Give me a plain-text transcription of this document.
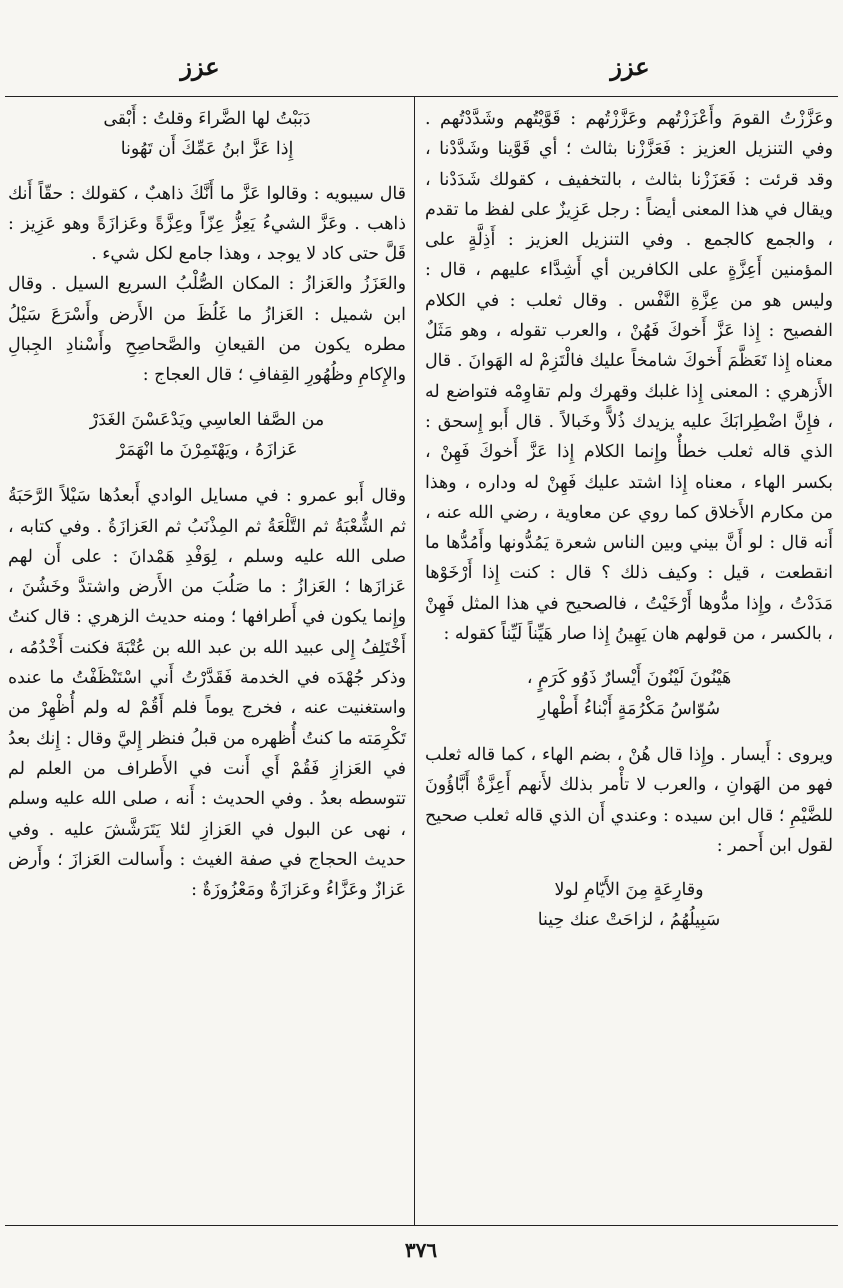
عزز	عزز

وعَزَّزْتُ القومَ وأَعْزَزْتُهم وعَزَّزْتُهم : قَوَّيْتُهم وشَدَّدْتُهم . وفي التنزيل العزيز : فَعَزَّزْنا بثالث ؛ أي قَوَّينا وشَدَّدْنا ، وقد قرئت : فَعَزَزْنا بثالث ، بالتخفيف ، كقولك شَدَدْنا ، ويقال في هذا المعنى أيضاً : رجل عَزِيزٌ على لفظ ما تقدم ، والجمع كالجمع . وفي التنزيل العزيز : أَذِلَّةٍ على المؤمنين أَعِزَّةٍ على الكافرين أي أَشِدَّاء عليهم ، قال : وليس هو من عِزَّةِ النَّفْس . وقال ثعلب : في الكلام الفصيح : إِذا عَزَّ أَخوكَ فَهُنْ ، والعرب تقوله ، وهو مَثَلٌ معناه إِذا تَعَظَّمَ أَخوكَ شامخاً عليك فالْتَزِمْ له الهَوانَ . قال الأَزهري : المعنى إِذا غلبك وقهرك ولم تقاوِمْه فتواضع له ، فإِنَّ اضْطِرابَكَ عليه يزيدك ذُلاًّ وخَبالاً . قال أَبو إِسحق : الذي قاله ثعلب خطأٌ وإِنما الكلام إِذا عَزَّ أَخوكَ فَهِنْ ، بكسر الهاء ، معناه إِذا اشتد عليك فَهِنْ له وداره ، وهذا من مكارم الأَخلاق كما روي عن معاوية ، رضي الله عنه ، أَنه قال : لو أَنَّ بيني وبين الناس شعرة يَمُدُّونها وأَمُدُّها ما انقطعت ، قيل : وكيف ذلك ؟ قال : كنت إِذا أَرْخَوْها مَدَدْتُ ، وإِذا مدُّوها أَرْخَيْتُ ، فالصحيح في هذا المثل فَهِنْ ، بالكسر ، من قولهم هان يَهِينُ إِذا صار هَيِّناً لَيِّناً كقوله :

هَيْنُونَ لَيْنُونَ أَيْسارٌ ذَوُو كَرَمٍ ،

سُوّاسُ مَكْرُمَةٍ أَبْناءُ أَطْهارِ

ويروى : أَيسار . وإِذا قال هُنْ ، بضم الهاء ، كما قاله ثعلب فهو من الهَوانِ ، والعرب لا تأْمر بذلك لأَنهم أَعِزَّةٌ أَبَّاؤُونَ للضَّيْمِ ؛ قال ابن سيده : وعندي أَن الذي قاله ثعلب صحيح لقول ابن أَحمر :

وقارِعَةٍ مِنَ الأَيّامِ لولا

سَبِيلُهُمُ ، لزاحَتْ عنك حِينا

دَبَبْتُ لها الضَّراءَ وقلتُ : أَبْقى

إِذا عَزَّ ابنُ عَمِّكَ أَن تَهُونا

قال سيبويه : وقالوا عَزَّ ما أَنَّكَ ذاهبٌ ، كقولك : حقّاً أَنك ذاهب . وعَزَّ الشيءُ يَعِزُّ عِزّاً وعِزَّةً وعَزازَةً وهو عَزِيز : قَلَّ حتى كاد لا يوجد ، وهذا جامع لكل شيء .

والعَزَزُ والعَزازُ : المكان الصُّلْبُ السريع السيل . وقال ابن شميل : العَزازُ ما غَلُظَ من الأَرض وأَسْرَعَ سَيْلُ مطره يكون من القيعانِ والصَّحاصِحِ وأَسْنادِ الجِبالِ والإِكامِ وظُهُورِ القِفافِ ؛ قال العجاج :

من الصَّفا العاسِي ويَدْعَسْنَ الغَدَرْ

عَزازَهُ ، ويَهْتَمِرْنَ ما انْهَمَرْ

وقال أَبو عمرو : في مسايل الوادي أَبعدُها سَيْلاً الرَّحَبَةُ ثم الشُّعْبَةُ ثم التَّلْعَةُ ثم المِذْنَبُ ثم العَزازَةُ . وفي كتابه ، صلى الله عليه وسلم ، لِوَفْدِ هَمْدانَ : على أَن لهم عَزازَها ؛ العَزازُ : ما صَلُبَ من الأَرض واشتدَّ وخَشُنَ ، وإِنما يكون في أَطرافها ؛ ومنه حديث الزهري : قال كنتُ أَخْتَلِفُ إِلى عبيد الله بن عبد الله بن عُتْبَةَ فكنت أَخْدُمُه ، وذكر جُهْدَه في الخدمة فَقَدَّرْتُ أَني اسْتَنْظَفْتُ ما عنده واستغنيت عنه ، فخرج يوماً فلم أَقُمْ له ولم أُظْهِرْ من تَكْرِمَته ما كنتُ أُظهره من قبلُ فنظر إِليَّ وقال : إِنك بعدُ في العَزازِ فَقُمْ أَي أَنت في الأَطراف من العلم لم تتوسطه بعدُ . وفي الحديث : أَنه ، صلى الله عليه وسلم ، نهى عن البول في العَزازِ لئلا يَتَرَشَّشَ عليه . وفي حديث الحجاج في صفة الغيث : وأَسالت العَزازَ ؛ وأَرض عَزازٌ وعَزَّاءُ وعَزازَةٌ ومَعْزُوزَةٌ :

٣٧٦
